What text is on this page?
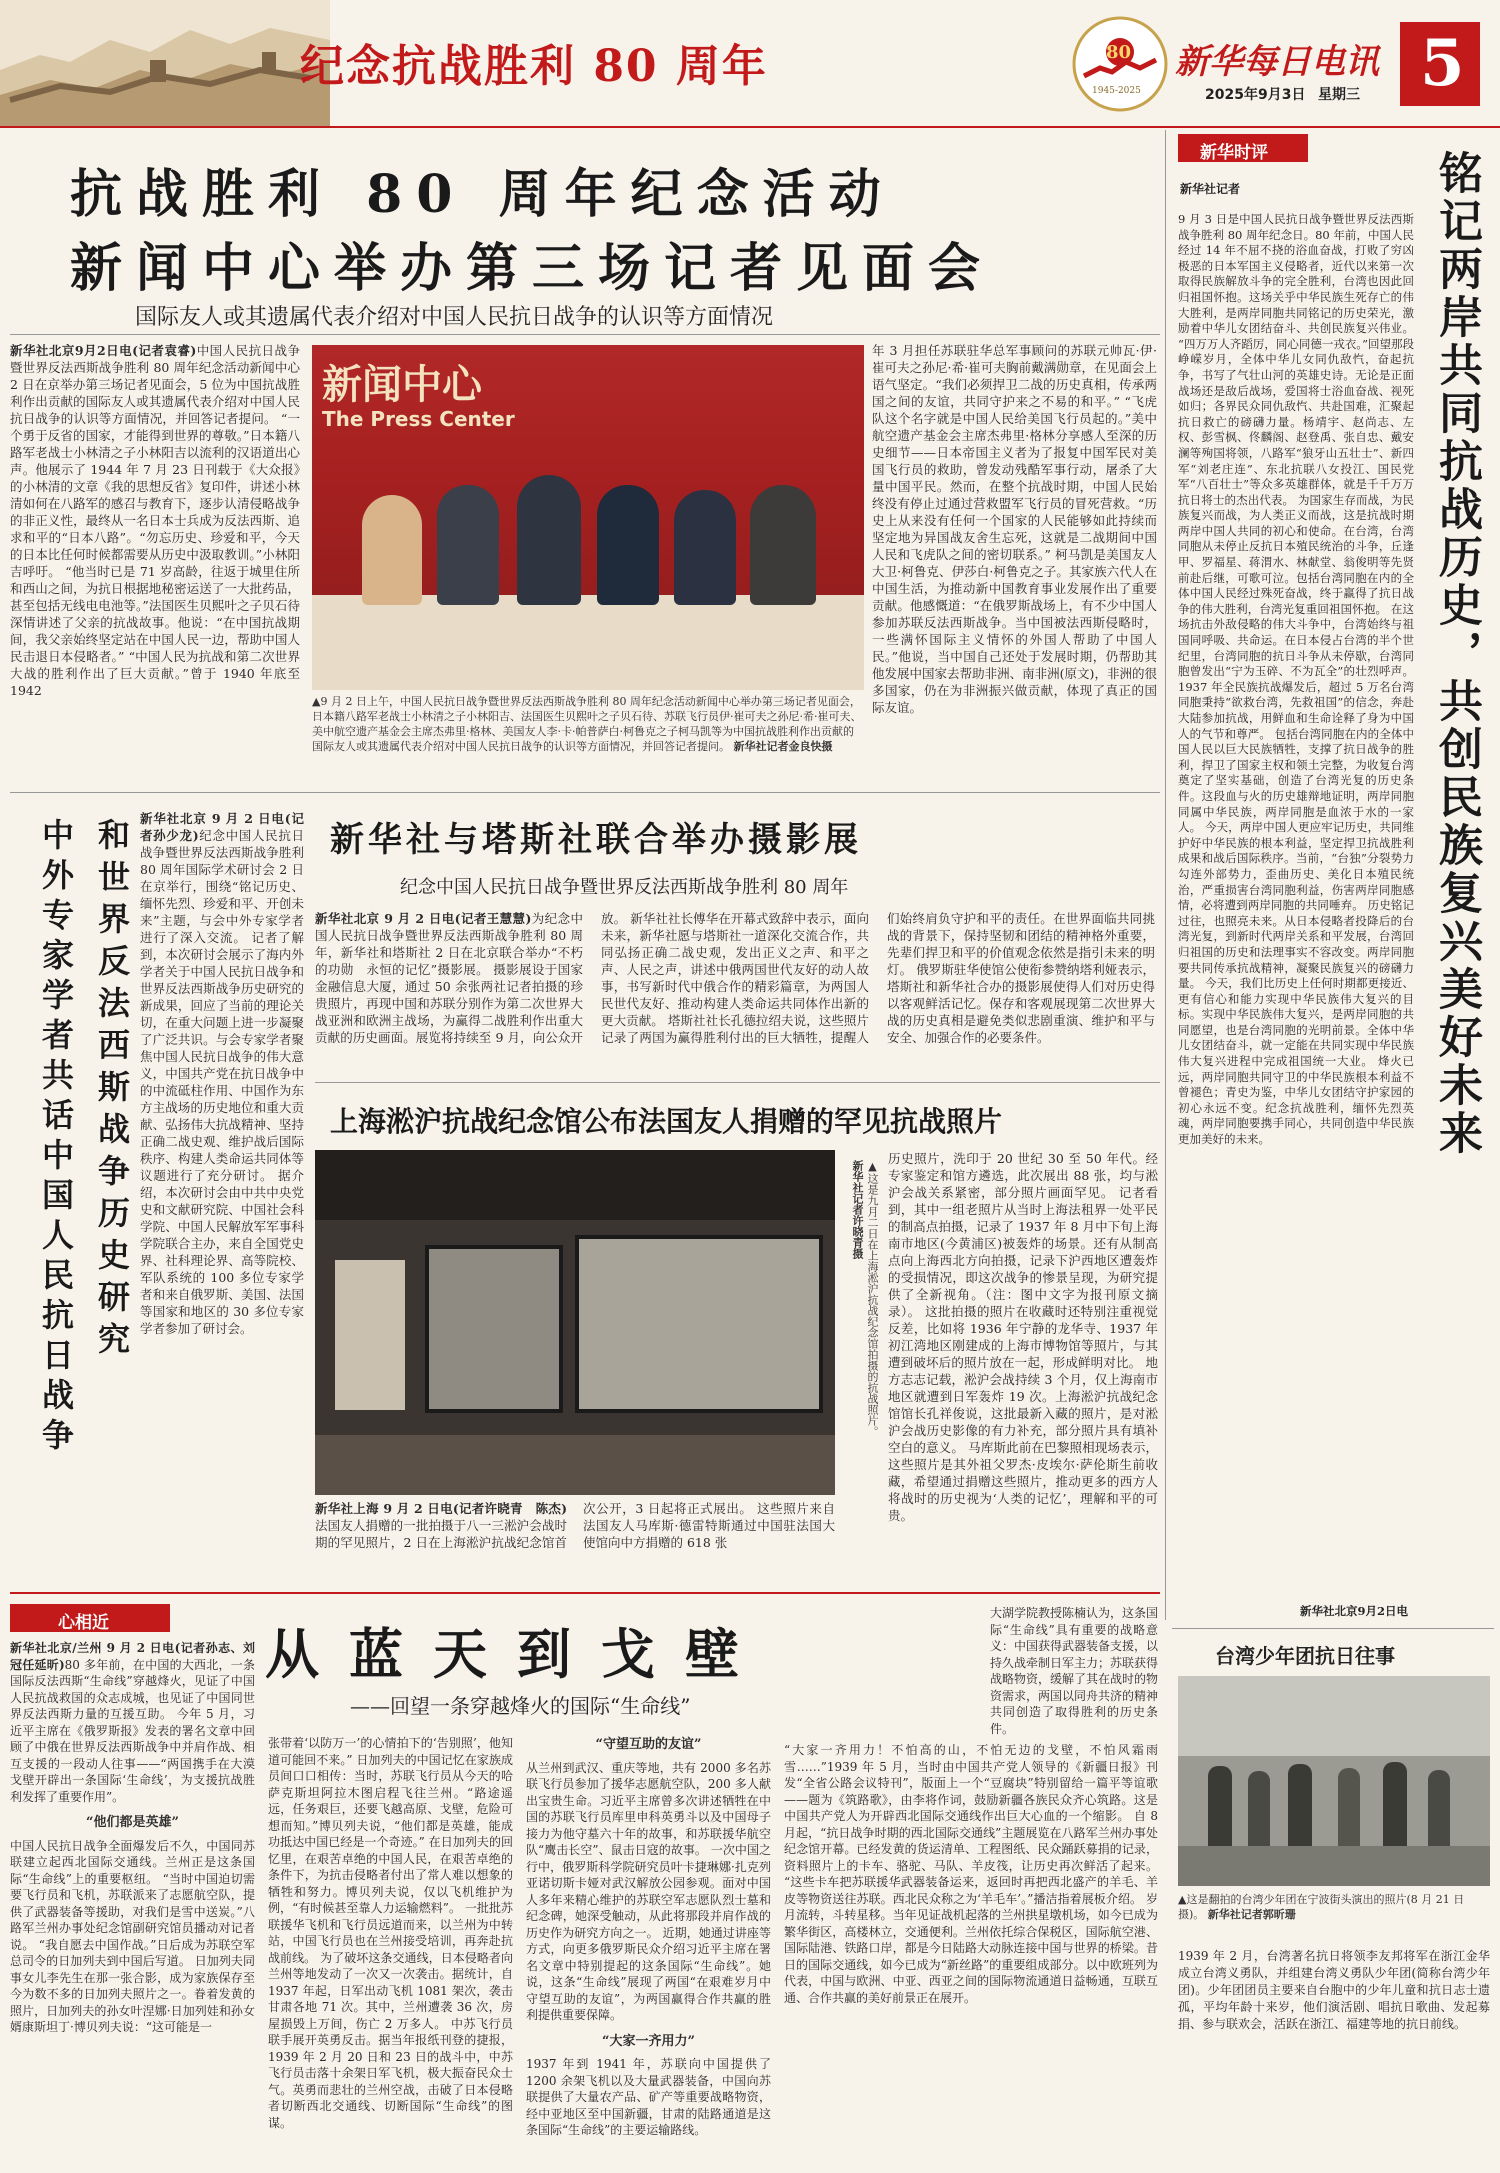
纪念抗战胜利 80 周年	80
1945-2025
新华每日电讯
2025年9月3日 星期三 5
抗战胜利 80 周年纪念活动
新闻中心举办第三场记者见面会
国际友人或其遗属代表介绍对中国人民抗日战争的认识等方面情况
新华社北京9月2日电(记者袁睿)中国人民抗日战争暨世界反法西斯战争胜利 80 周年纪念活动新闻中心 2 日在京举办第三场记者见面会，5 位为中国抗战胜利作出贡献的国际友人或其遗属代表介绍对中国人民抗日战争的认识等方面情况，并回答记者提问。 “一个勇于反省的国家，才能得到世界的尊敬。”日本籍八路军老战士小林清之子小林阳吉以流利的汉语道出心声。他展示了 1944 年 7 月 23 日刊载于《大众报》的小林清的文章《我的思想反省》复印件，讲述小林清如何在八路军的感召与教育下，逐步认清侵略战争的非正义性，最终从一名日本士兵成为反法西斯、追求和平的“日本八路”。“勿忘历史、珍爱和平，今天的日本比任何时候都需要从历史中汲取教训。”小林阳吉呼吁。 “他当时已是 71 岁高龄，往返于城里住所和西山之间，为抗日根据地秘密运送了一大批药品，甚至包括无线电电池等。”法国医生贝熙叶之子贝石待深情讲述了父亲的抗战故事。他说：“在中国抗战期间，我父亲始终坚定站在中国人民一边，帮助中国人民击退日本侵略者。” “中国人民为抗战和第二次世界大战的胜利作出了巨大贡献。”曾于 1940 年底至 1942
新闻中心
The Press Center
▲9 月 2 日上午，中国人民抗日战争暨世界反法西斯战争胜利 80 周年纪念活动新闻中心举办第三场记者见面会，日本籍八路军老战士小林清之子小林阳吉、法国医生贝熙叶之子贝石待、苏联飞行员伊·崔可夫之孙尼·希·崔可夫、美中航空遗产基金会主席杰弗里·格林、美国友人李·卡·帕普萨白·柯鲁克之子柯马凯等为中国抗战胜利作出贡献的国际友人或其遗属代表介绍对中国人民抗日战争的认识等方面情况，并回答记者提问。 新华社记者金良快摄
年 3 月担任苏联驻华总军事顾问的苏联元帅瓦·伊·崔可夫之孙尼·希·崔可夫胸前戴满勋章，在见面会上语气坚定。“我们必须捍卫二战的历史真相，传承两国之间的友谊，共同守护来之不易的和平。” “飞虎队这个名字就是中国人民给美国飞行员起的。”美中航空遗产基金会主席杰弗里·格林分享感人至深的历史细节——日本帝国主义者为了报复中国军民对美国飞行员的救助，曾发动残酷军事行动，屠杀了大量中国平民。然而，在整个抗战时期，中国人民始终没有停止过通过营救盟军飞行员的冒死营救。“历史上从来没有任何一个国家的人民能够如此持续而坚定地为异国战友舍生忘死，这就是二战期间中国人民和飞虎队之间的密切联系。” 柯马凯是美国友人大卫·柯鲁克、伊莎白·柯鲁克之子。其家族六代人在中国生活，为推动新中国教育事业发展作出了重要贡献。他感慨道：“在俄罗斯战场上，有不少中国人参加苏联反法西斯战争。当中国被法西斯侵略时，一些满怀国际主义情怀的外国人帮助了中国人民。”他说，当中国自己还处于发展时期，仍帮助其他发展中国家去帮助非洲、南非洲(原文)，非洲的很多国家，仍在为非洲振兴做贡献，体现了真正的国际友谊。
新华时评
新华社记者	铭记两岸共同抗战历史，共创民族复兴美好未来
9 月 3 日是中国人民抗日战争暨世界反法西斯战争胜利 80 周年纪念日。80 年前，中国人民经过 14 年不屈不挠的浴血奋战，打败了穷凶极恶的日本军国主义侵略者，近代以来第一次取得民族解放斗争的完全胜利，台湾也因此回归祖国怀抱。这场关乎中华民族生死存亡的伟大胜利，是两岸同胞共同铭记的历史荣光，激励着中华儿女团结奋斗、共创民族复兴伟业。 “四万万人齐蹈厉，同心同德一戎衣。”回望那段峥嵘岁月，全体中华儿女同仇敌忾，奋起抗争，书写了气壮山河的英雄史诗。无论是正面战场还是敌后战场，爱国将士浴血奋战、视死如归；各界民众同仇敌忾、共赴国难，汇聚起抗日救亡的磅礴力量。杨靖宇、赵尚志、左权、彭雪枫、佟麟阁、赵登禹、张自忠、戴安澜等殉国将领，八路军“狼牙山五壮士”、新四军“刘老庄连”、东北抗联八女投江、国民党军“八百壮士”等众多英雄群体，就是千千万万抗日将士的杰出代表。 为国家生存而战，为民族复兴而战，为人类正义而战，这是抗战时期两岸中国人共同的初心和使命。在台湾，台湾同胞从未停止反抗日本殖民统治的斗争，丘逢甲、罗福星、蒋渭水、林献堂、翁俊明等先贤前赴后继，可歌可泣。包括台湾同胞在内的全体中国人民经过殊死奋战，终于赢得了抗日战争的伟大胜利，台湾光复重回祖国怀抱。 在这场抗击外敌侵略的伟大斗争中，台湾始终与祖国同呼吸、共命运。在日本侵占台湾的半个世纪里，台湾同胞的抗日斗争从未停歇，台湾同胞曾发出“宁为玉碎、不为瓦全”的壮烈呼声。1937 年全民族抗战爆发后，超过 5 万名台湾同胞秉持“欲救台湾，先救祖国”的信念，奔赴大陆参加抗战，用鲜血和生命诠释了身为中国人的气节和尊严。 包括台湾同胞在内的全体中国人民以巨大民族牺牲，支撑了抗日战争的胜利，捍卫了国家主权和领土完整，为收复台湾奠定了坚实基础，创造了台湾光复的历史条件。这段血与火的历史雄辩地证明，两岸同胞同属中华民族，两岸同胞是血浓于水的一家人。 今天，两岸中国人更应牢记历史，共同维护好中华民族的根本利益，坚定捍卫抗战胜利成果和战后国际秩序。当前，“台独”分裂势力勾连外部势力，歪曲历史、美化日本殖民统治，严重损害台湾同胞利益，伤害两岸同胞感情，必将遭到两岸同胞的共同唾弃。 历史铭记过往，也照亮未来。从日本侵略者投降后的台湾光复，到新时代两岸关系和平发展，台湾回归祖国的历史和法理事实不容改变。两岸同胞要共同传承抗战精神，凝聚民族复兴的磅礴力量。 今天，我们比历史上任何时期都更接近、更有信心和能力实现中华民族伟大复兴的目标。实现中华民族伟大复兴，是两岸同胞的共同愿望，也是台湾同胞的光明前景。全体中华儿女团结奋斗，就一定能在共同实现中华民族伟大复兴进程中完成祖国统一大业。 烽火已远，两岸同胞共同守卫的中华民族根本利益不曾褪色；青史为鉴，中华儿女团结守护家园的初心永远不变。纪念抗战胜利，缅怀先烈英魂，两岸同胞要携手同心，共同创造中华民族更加美好的未来。
新华社北京9月2日电
中外专家学者共话中国人民抗日战争 和世界反法西斯战争历史研究 新华社北京 9 月 2 日电(记者孙少龙)纪念中国人民抗日战争暨世界反法西斯战争胜利 80 周年国际学术研讨会 2 日在京举行，围绕“铭记历史、缅怀先烈、珍爱和平、开创未来”主题，与会中外专家学者进行了深入交流。 记者了解到，本次研讨会展示了海内外学者关于中国人民抗日战争和世界反法西斯战争历史研究的新成果，回应了当前的理论关切，在重大问题上进一步凝聚了广泛共识。与会专家学者聚焦中国人民抗日战争的伟大意义，中国共产党在抗日战争中的中流砥柱作用、中国作为东方主战场的历史地位和重大贡献、弘扬伟大抗战精神、坚持正确二战史观、维护战后国际秩序、构建人类命运共同体等议题进行了充分研讨。 据介绍，本次研讨会由中共中央党史和文献研究院、中国社会科学院、中国人民解放军军事科学院联合主办，来自全国党史界、社科理论界、高等院校、军队系统的 100 多位专家学者和来自俄罗斯、美国、法国等国家和地区的 30 多位专家学者参加了研讨会。
新华社与塔斯社联合举办摄影展
纪念中国人民抗日战争暨世界反法西斯战争胜利 80 周年
新华社北京 9 月 2 日电(记者王慧慧)为纪念中国人民抗日战争暨世界反法西斯战争胜利 80 周年，新华社和塔斯社 2 日在北京联合举办“不朽的功勋　永恒的记忆”摄影展。 摄影展设于国家金融信息大厦，通过 50 余张两社记者拍摄的珍贵照片，再现中国和苏联分别作为第二次世界大战亚洲和欧洲主战场，为赢得二战胜利作出重大贡献的历史画面。展览将持续至 9 月，向公众开放。 新华社社长傅华在开幕式致辞中表示，面向未来，新华社愿与塔斯社一道深化交流合作，共同弘扬正确二战史观，发出正义之声、和平之声、人民之声，讲述中俄两国世代友好的动人故事，书写新时代中俄合作的精彩篇章，为两国人民世代友好、推动构建人类命运共同体作出新的更大贡献。 塔斯社社长孔德拉绍夫说，这些照片记录了两国为赢得胜利付出的巨大牺牲，提醒人们始终肩负守护和平的责任。在世界面临共同挑战的背景下，保持坚韧和团结的精神格外重要，先辈们捍卫和平的价值观念依然是指引未来的明灯。 俄罗斯驻华使馆公使衔参赞纳塔利娅表示，塔斯社和新华社合办的摄影展使得人们对历史得以客观鲜活记忆。保存和客观展现第二次世界大战的历史真相是避免类似悲剧重演、维护和平与安全、加强合作的必要条件。
上海淞沪抗战纪念馆公布法国友人捐赠的罕见抗战照片
▲这是九月二日在上海淞沪抗战纪念馆拍摄的抗战照片。 新华社记者许晓青摄
新华社上海 9 月 2 日电(记者许晓青　陈杰)法国友人捐赠的一批拍摄于八一三淞沪会战时期的罕见照片，2 日在上海淞沪抗战纪念馆首次公开，3 日起将正式展出。 这些照片来自法国友人马库斯·德雷特斯通过中国驻法国大使馆向中方捐赠的 618 张
历史照片，洗印于 20 世纪 30 至 50 年代。经专家鉴定和馆方遴选，此次展出 88 张，均与淞沪会战关系紧密，部分照片画面罕见。 记者看到，其中一组老照片从当时上海法租界一处平民的制高点拍摄，记录了 1937 年 8 月中下旬上海南市地区(今黄浦区)被轰炸的场景。还有从制高点向上海西北方向拍摄，记录下沪西地区遭轰炸的受损情况，即这次战争的惨景呈现，为研究提供了全新视角。（注：图中文字为报刊原文摘录）。 这批拍摄的照片在收藏时还特别注重视觉反差，比如将 1936 年宁静的龙华寺、1937 年初江湾地区刚建成的上海市博物馆等照片，与其遭到破坏后的照片放在一起，形成鲜明对比。 地方志志记载，淞沪会战持续 3 个月，仅上海南市地区就遭到日军轰炸 19 次。上海淞沪抗战纪念馆馆长孔祥俊说，这批最新入藏的照片，是对淞沪会战历史影像的有力补充，部分照片具有填补空白的意义。 马库斯此前在巴黎照相现场表示，这些照片是其外祖父罗杰·皮埃尔·萨伦斯生前收藏，希望通过捐赠这些照片，推动更多的西方人将战时的历史视为‘人类的记忆’，理解和平的可贵。
心相近	从蓝天到戈壁
——回望一条穿越烽火的国际“生命线”
新华社北京/兰州 9 月 2 日电(记者孙志、刘冠任延昕)80 多年前，在中国的大西北，一条国际反法西斯“生命线”穿越烽火，见证了中国人民抗战救国的众志成城，也见证了中国同世界反法西斯力量的互援互助。 今年 5 月，习近平主席在《俄罗斯报》发表的署名文章中回顾了中俄在世界反法西斯战争中并肩作战、相互支援的一段动人往事——“两国携手在大漠戈壁开辟出一条国际‘生命线’，为支援抗战胜利发挥了重要作用”。
“他们都是英雄”
中国人民抗日战争全面爆发后不久，中国同苏联建立起西北国际交通线。兰州正是这条国际“生命线”上的重要枢纽。 “当时中国迫切需要飞行员和飞机，苏联派来了志愿航空队，提供了武器装备等援助，对我们是雪中送炭。”八路军兰州办事处纪念馆副研究馆员播动对记者说。 “我自愿去中国作战。”日后成为苏联空军总司令的日加列夫到中国后写道。 日加列夫同事女儿李先生在那一张合影，成为家族保存至今为数不多的日加列夫照片之一。眷着发黄的照片，日加列夫的孙女叶涅娜·日加列娃和孙女婿康斯坦丁·博贝列夫说：“这可能是一
张带着‘以防万一’的心情拍下的‘告别照’，他知道可能回不来。” 日加列夫的中国记忆在家族成员间口口相传：当时，苏联飞行员从今天的哈萨克斯坦阿拉木图启程飞往兰州。“路途遥远，任务艰巨，还要飞越高原、戈壁，危险可想而知。”博贝列夫说，“他们都是英雄，能成功抵达中国已经是一个奇迹。” 在日加列夫的回忆里，在艰苦卓绝的中国人民，在艰苦卓绝的条件下，为抗击侵略者付出了常人难以想象的牺牲和努力。博贝列夫说，仅以飞机维护为例，“有时候甚至靠人力运输燃料”。 一批批苏联援华飞机和飞行员远道而来，以兰州为中转站，中国飞行员也在兰州接受培训，再奔赴抗战前线。 为了破坏这条交通线，日本侵略者向兰州等地发动了一次又一次袭击。据统计，自 1937 年起，日军出动飞机 1081 架次，袭击甘肃各地 71 次。其中，兰州遭袭 36 次，房屋损毁上万间，伤亡 2 万多人。 中苏飞行员联手展开英勇反击。据当年报纸刊登的捷报，1939 年 2 月 20 日和 23 日的战斗中，中苏飞行员击落十余架日军飞机，极大振奋民众士气。英勇而悲壮的兰州空战，击破了日本侵略者切断西北交通线、切断国际“生命线”的图谋。
“守望互助的友谊”
从兰州到武汉、重庆等地，共有 2000 多名苏联飞行员参加了援华志愿航空队，200 多人献出宝贵生命。习近平主席曾多次讲述牺牲在中国的苏联飞行员库里申科英勇斗以及中国母子接力为他守墓六十年的故事，和苏联援华航空队“鹰击长空”、鼠击日寇的故事。 一次中国之行中，俄罗斯科学院研究员叶卡捷琳娜·扎克列亚诺切斯卡娅对武汉解放公园参观。面对中国人多年来精心维护的苏联空军志愿队烈士墓和纪念碑，她深受触动，从此将那段并肩作战的历史作为研究方向之一。 近期，她通过讲座等方式，向更多俄罗斯民众介绍习近平主席在署名文章中特别提起的这条国际“生命线”。她说，这条“生命线”展现了两国“在艰难岁月中守望互助的友谊”，为两国赢得合作共赢的胜利提供重要保障。
“大家一齐用力”
1937 年到 1941 年，苏联向中国提供了 1200 余架飞机以及大量武器装备，中国向苏联提供了大量农产品、矿产等重要战略物资，经中亚地区至中国新疆，甘肃的陆路通道是这条国际“生命线”的主要运输路线。
大湖学院教授陈楠认为，这条国际“生命线”具有重要的战略意义：中国获得武器装备支援，以持久战牵制日军主力；苏联获得战略物资，缓解了其在战时的物资需求，两国以同舟共济的精神共同创造了取得胜利的历史条件。
“大家一齐用力！不怕高的山，不怕无边的戈壁，不怕风霜雨雪……”1939 年 5 月，当时由中国共产党人领导的《新疆日报》刊发“全省公路会议特刊”，版面上一个“豆腐块”特别留给一篇平等谊歌——题为《筑路歌》，由李将作词，鼓励新疆各族民众齐心筑路。这是中国共产党人为开辟西北国际交通线作出巨大心血的一个缩影。 自 8 月起，“抗日战争时期的西北国际交通线”主题展览在八路军兰州办事处纪念馆开幕。已经发黄的货运清单、工程图纸、民众踊跃募捐的记录，资料照片上的卡车、骆驼、马队、羊皮筏，让历史再次鲜活了起来。 “这些卡车把苏联援华武器装备运来，返回时再把西北盛产的羊毛、羊皮等物资送往苏联。西北民众称之为‘羊毛车’。”播洁指着展板介绍。 岁月流转，斗转星移。当年见证战机起落的兰州拱星墩机场，如今已成为繁华街区，高楼林立，交通便利。兰州依托综合保税区，国际航空港、国际陆港、铁路口岸，都是今日陆路大动脉连接中国与世界的桥梁。昔日的国际交通线，如今已成为“新丝路”的重要组成部分。以中欧班列为代表，中国与欧洲、中亚、西亚之间的国际物流通道日益畅通，互联互通、合作共赢的美好前景正在展开。
台湾少年团抗日往事
▲这是翻拍的台湾少年团在宁波街头演出的照片(8 月 21 日摄)。 新华社记者郭昕珊
1939 年 2 月，台湾著名抗日将领李友邦将军在浙江金华成立台湾义勇队，并组建台湾义勇队少年团(简称台湾少年团)。少年团团员主要来自台胞中的少年儿童和抗日志士遗孤，平均年龄十来岁，他们演活剧、唱抗日歌曲、发起募捐、参与联欢会，活跃在浙江、福建等地的抗日前线。
